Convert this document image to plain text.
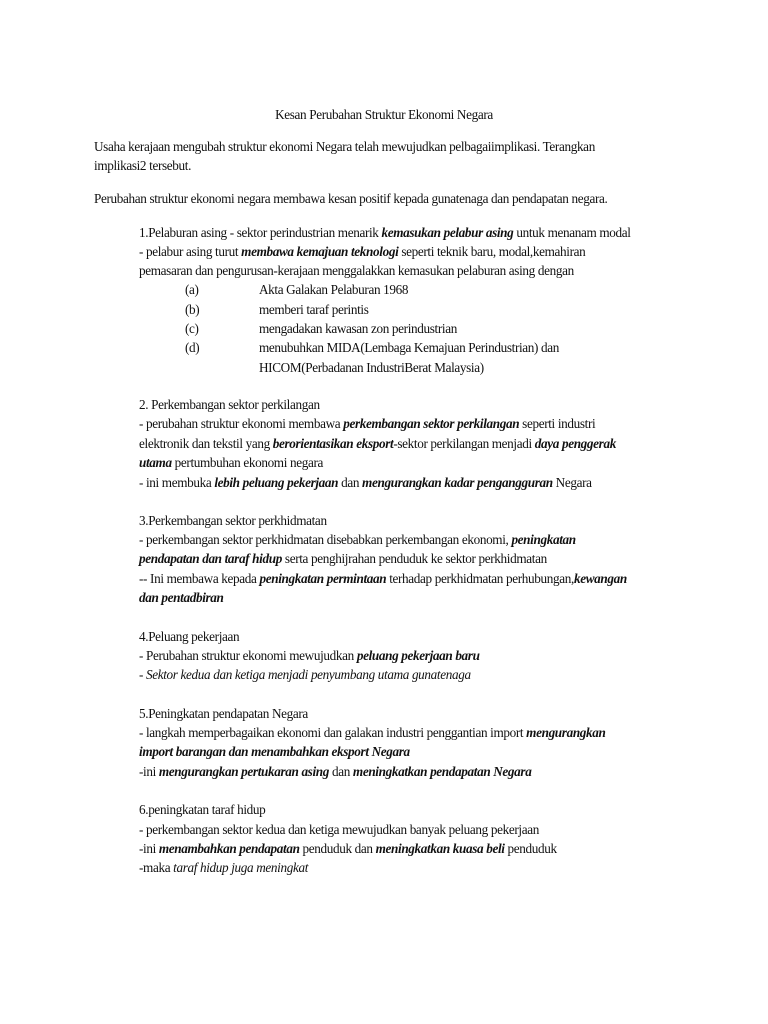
Kesan Perubahan Struktur Ekonomi Negara
Usaha kerajaan mengubah struktur ekonomi Negara telah mewujudkan pelbagaiimplikasi. Terangkan
implikasi2 tersebut.
Perubahan struktur ekonomi negara membawa kesan positif kepada gunatenaga dan pendapatan negara.
1.Pelaburan asing - sektor perindustrian menarik kemasukan pelabur asing untuk menanam modal
- pelabur asing turut membawa kemajuan teknologi seperti teknik baru, modal,kemahiran
pemasaran dan pengurusan-kerajaan menggalakkan kemasukan pelaburan asing dengan
(a)	Akta Galakan Pelaburan 1968
(b)	memberi taraf perintis
(c)	mengadakan kawasan zon perindustrian
(d)	menubuhkan MIDA(Lembaga Kemajuan Perindustrian) dan
HICOM(Perbadanan IndustriBerat Malaysia)
2. Perkembangan sektor perkilangan
- perubahan struktur ekonomi membawa perkembangan sektor perkilangan seperti industri
elektronik dan tekstil yang berorientasikan eksport-sektor perkilangan menjadi daya penggerak
utama pertumbuhan ekonomi negara
- ini membuka lebih peluang pekerjaan dan mengurangkan kadar pengangguran Negara
3.Perkembangan sektor perkhidmatan
- perkembangan sektor perkhidmatan disebabkan perkembangan ekonomi, peningkatan
pendapatan dan taraf hidup serta penghijrahan penduduk ke sektor perkhidmatan
-- Ini membawa kepada peningkatan permintaan terhadap perkhidmatan perhubungan,kewangan
dan pentadbiran
4.Peluang pekerjaan
- Perubahan struktur ekonomi mewujudkan peluang pekerjaan baru
- Sektor kedua dan ketiga menjadi penyumbang utama gunatenaga
5.Peningkatan pendapatan Negara
- langkah memperbagaikan ekonomi dan galakan industri penggantian import mengurangkan
import barangan dan menambahkan eksport Negara
-ini mengurangkan pertukaran asing dan meningkatkan pendapatan Negara
6.peningkatan taraf hidup
- perkembangan sektor kedua dan ketiga mewujudkan banyak peluang pekerjaan
-ini menambahkan pendapatan penduduk dan meningkatkan kuasa beli penduduk
-maka taraf hidup juga meningkat
